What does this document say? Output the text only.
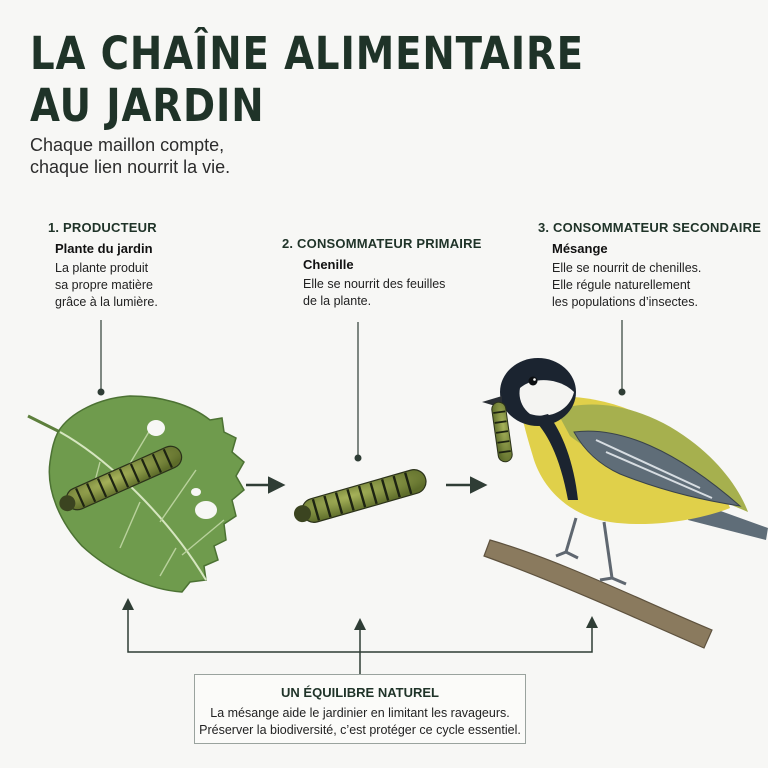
LA CHAÎNE ALIMENTAIRE
AU JARDIN
Chaque maillon compte,
chaque lien nourrit la vie.
1. PRODUCTEUR
Plante du jardin
La plante produit
sa propre matière
grâce à la lumière.
2. CONSOMMATEUR PRIMAIRE
Chenille
Elle se nourrit des feuilles
de la plante.
3. CONSOMMATEUR SECONDAIRE
Mésange
Elle se nourrit de chenilles.
Elle régule naturellement
les populations d’insectes.
UN ÉQUILIBRE NATUREL
La mésange aide le jardinier en limitant les ravageurs.
Préserver la biodiversité, c’est protéger ce cycle essentiel.
